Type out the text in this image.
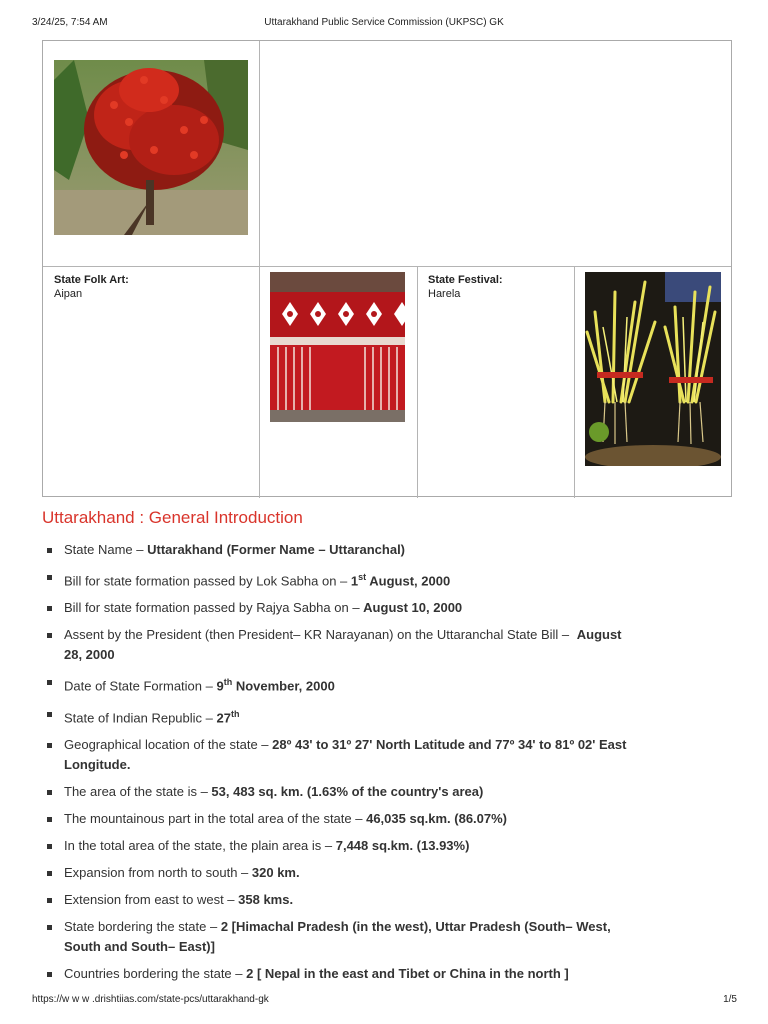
3/24/25, 7:54 AM	Uttarakhand Public Service Commission (UKPSC) GK
State Folk Art:
Aipan
State Festival:
Harela
Uttarakhand : General Introduction
State Name – Uttarakhand (Former Name – Uttaranchal)
Bill for state formation passed by Lok Sabha on – 1st August, 2000
Bill for state formation passed by Rajya Sabha on – August 10, 2000
Assent by the President (then President– KR Narayanan) on the Uttaranchal State Bill – August 28, 2000
Date of State Formation – 9th November, 2000
State of Indian Republic – 27th
Geographical location of the state – 28º 43' to 31º 27' North Latitude and 77º 34' to 81º 02' East Longitude.
The area of the state is – 53, 483 sq. km. (1.63% of the country's area)
The mountainous part in the total area of the state – 46,035 sq.km. (86.07%)
In the total area of the state, the plain area is – 7,448 sq.km. (13.93%)
Expansion from north to south – 320 km.
Extension from east to west – 358 kms.
State bordering the state – 2 [Himachal Pradesh (in the west), Uttar Pradesh (South– West, South and South– East)]
Countries bordering the state – 2 [ Nepal in the east and Tibet or China in the north ]
https://w w w .drishtiias.com/state-pcs/uttarakhand-gk	1/5
